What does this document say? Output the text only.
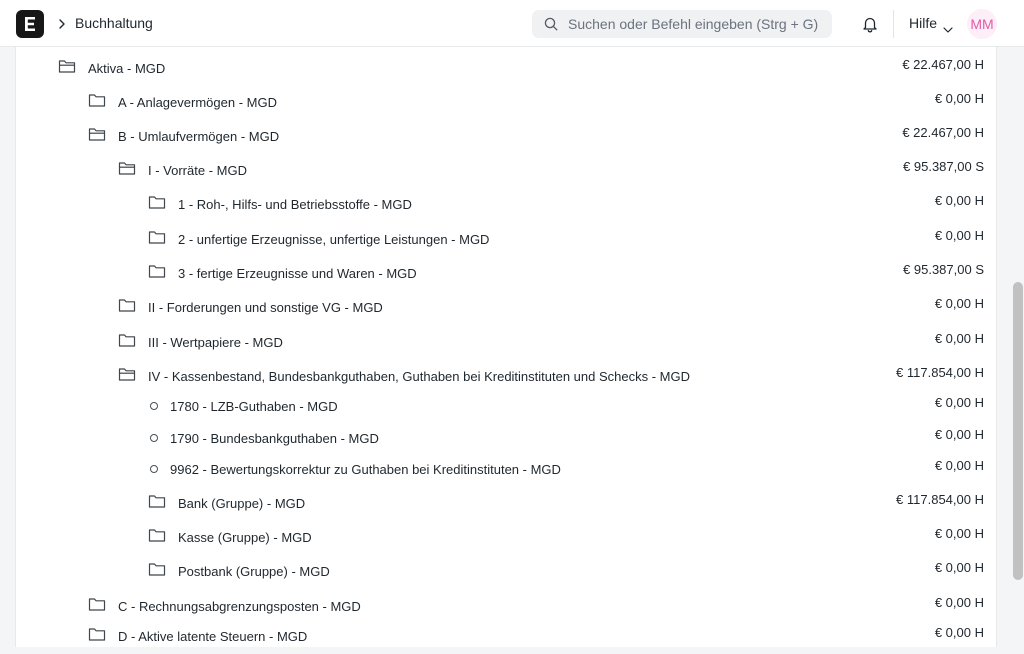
Buchhaltung
Suchen oder Befehl eingeben (Strg + G)	Hilfe MM
Aktiva - MGD	€ 22.467,00 H
A - Anlagevermögen - MGD	€ 0,00 H
B - Umlaufvermögen - MGD	€ 22.467,00 H
I - Vorräte - MGD	€ 95.387,00 S
1 - Roh-, Hilfs- und Betriebsstoffe - MGD	€ 0,00 H
2 - unfertige Erzeugnisse, unfertige Leistungen - MGD	€ 0,00 H
3 - fertige Erzeugnisse und Waren - MGD	€ 95.387,00 S
II - Forderungen und sonstige VG - MGD	€ 0,00 H
III - Wertpapiere - MGD	€ 0,00 H
IV - Kassenbestand, Bundesbankguthaben, Guthaben bei Kreditinstituten und Schecks - MGD	€ 117.854,00 H
1780 - LZB-Guthaben - MGD	€ 0,00 H
1790 - Bundesbankguthaben - MGD	€ 0,00 H
9962 - Bewertungskorrektur zu Guthaben bei Kreditinstituten - MGD	€ 0,00 H
Bank (Gruppe) - MGD	€ 117.854,00 H
Kasse (Gruppe) - MGD	€ 0,00 H
Postbank (Gruppe) - MGD	€ 0,00 H
C - Rechnungsabgrenzungsposten - MGD	€ 0,00 H
D - Aktive latente Steuern - MGD	€ 0,00 H
